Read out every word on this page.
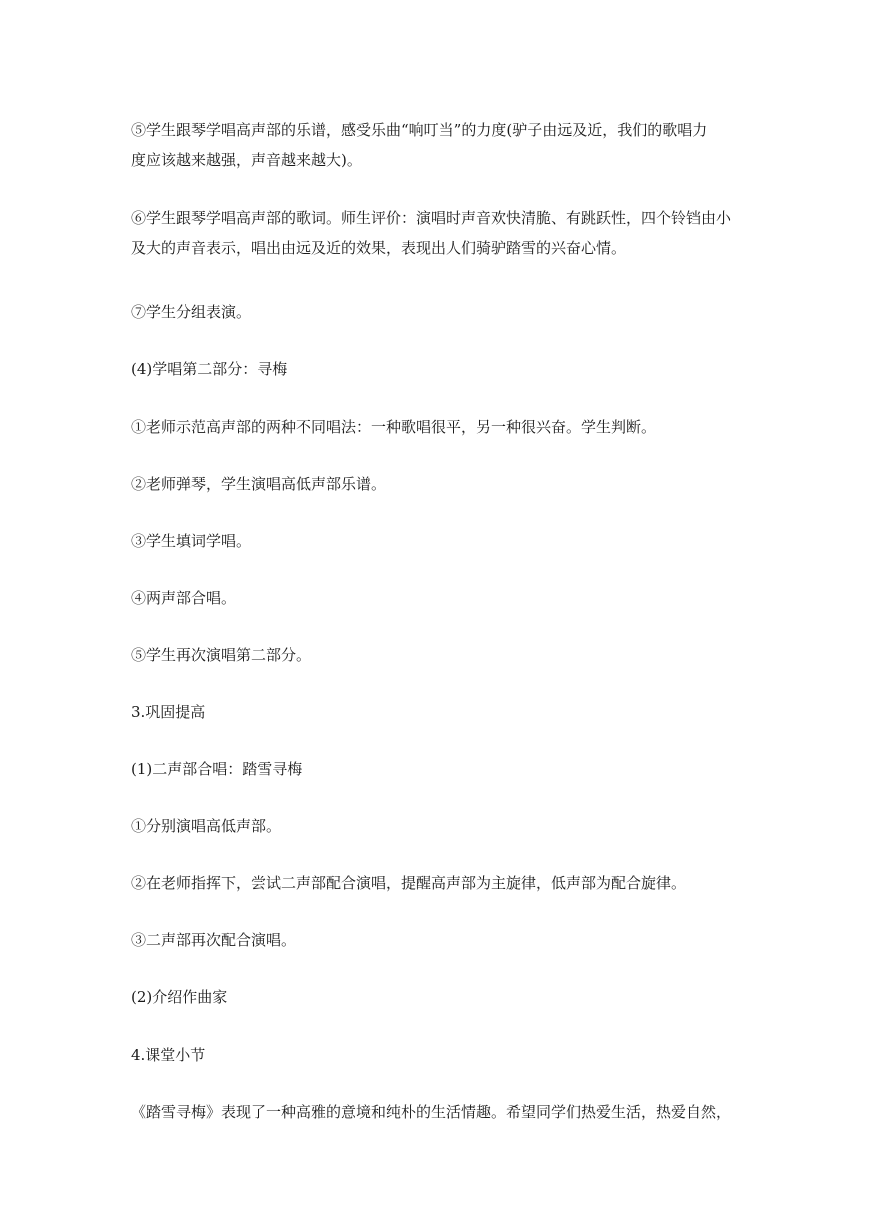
⑤学生跟琴学唱高声部的乐谱，感受乐曲“响叮当”的力度(驴子由远及近，我们的歌唱力
度应该越来越强，声音越来越大)。
⑥学生跟琴学唱高声部的歌词。师生评价：演唱时声音欢快清脆、有跳跃性，四个铃铛由小
及大的声音表示，唱出由远及近的效果，表现出人们骑驴踏雪的兴奋心情。
⑦学生分组表演。
(4)学唱第二部分：寻梅
①老师示范高声部的两种不同唱法：一种歌唱很平，另一种很兴奋。学生判断。
②老师弹琴，学生演唱高低声部乐谱。
③学生填词学唱。
④两声部合唱。
⑤学生再次演唱第二部分。
3.巩固提高
(1)二声部合唱：踏雪寻梅
①分别演唱高低声部。
②在老师指挥下，尝试二声部配合演唱，提醒高声部为主旋律，低声部为配合旋律。
③二声部再次配合演唱。
(2)介绍作曲家
4.课堂小节
《踏雪寻梅》表现了一种高雅的意境和纯朴的生活情趣。希望同学们热爱生活，热爱自然，
